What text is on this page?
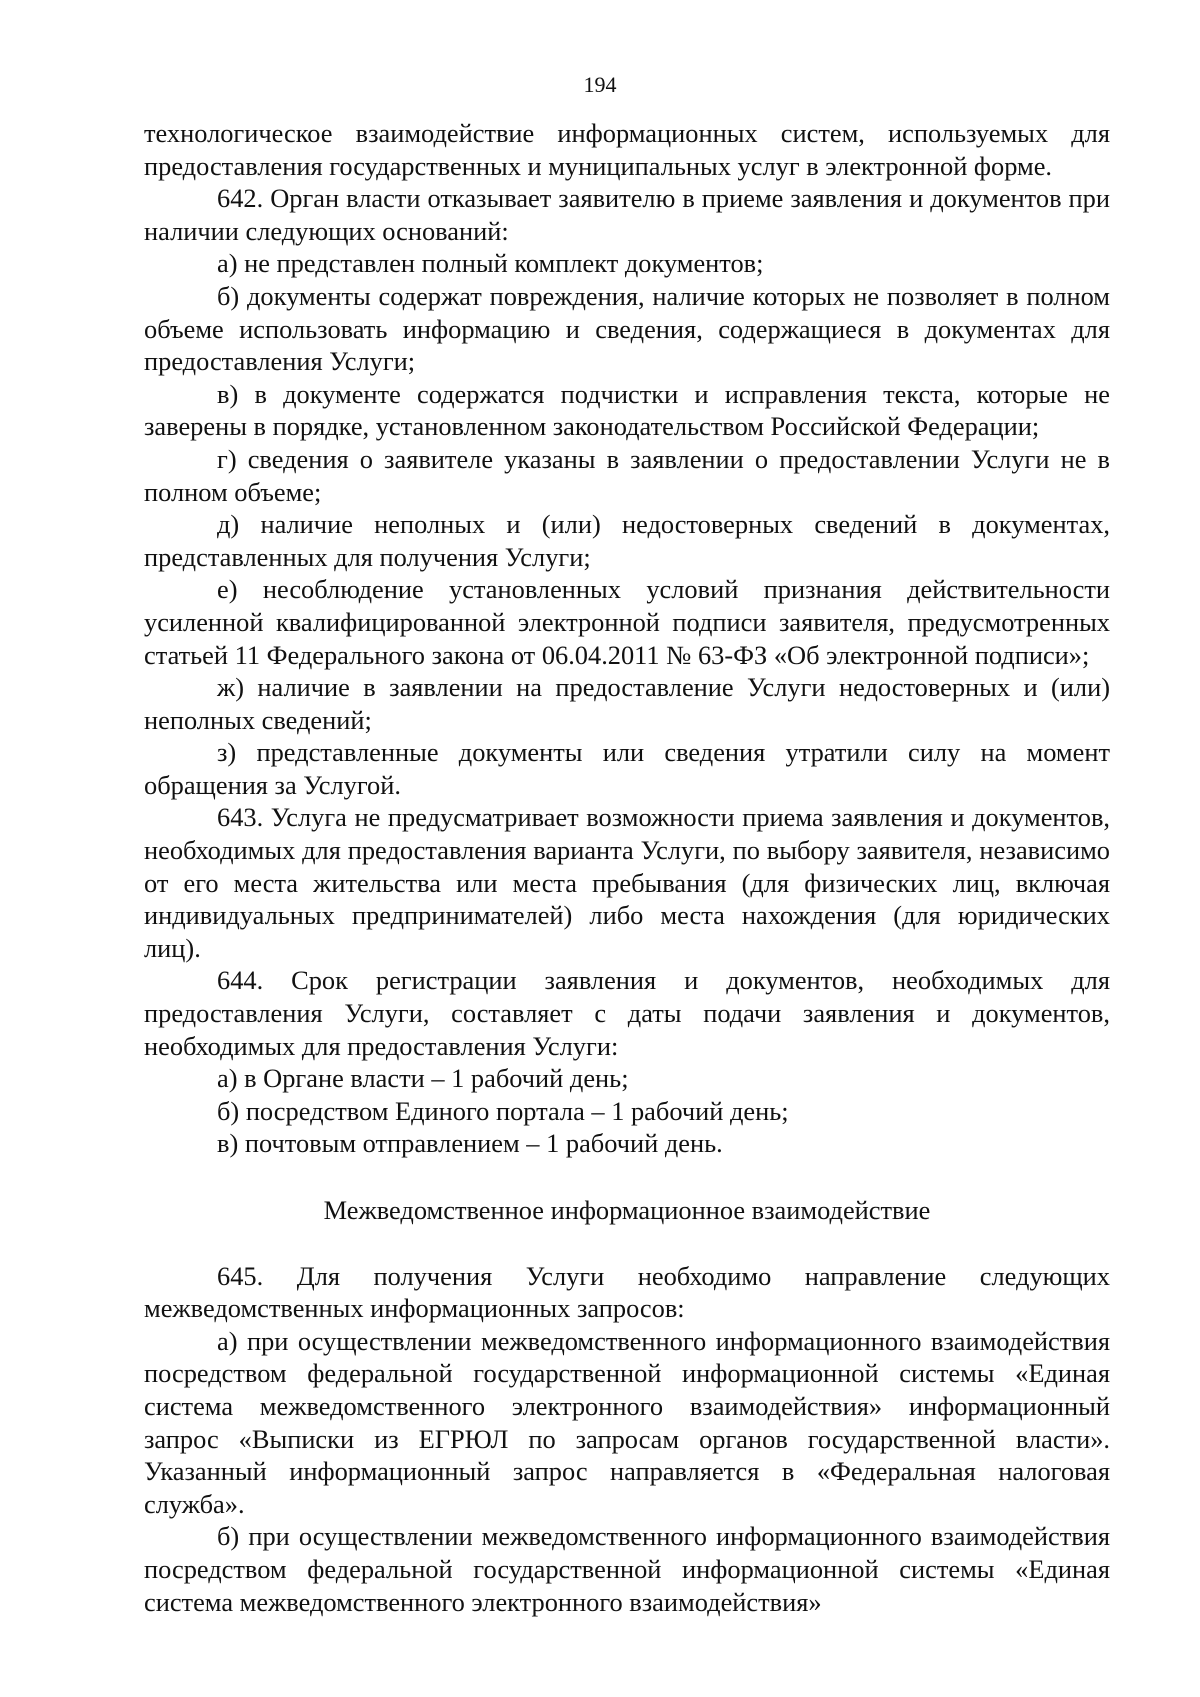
194

технологическое взаимодействие информационных систем, используемых для предоставления государственных и муниципальных услуг в электронной форме.

642. Орган власти отказывает заявителю в приеме заявления и документов при наличии следующих оснований:

а) не представлен полный комплект документов;

б) документы содержат повреждения, наличие которых не позволяет в полном объеме использовать информацию и сведения, содержащиеся в документах для предоставления Услуги;

в) в документе содержатся подчистки и исправления текста, которые не заверены в порядке, установленном законодательством Российской Федерации;

г) сведения о заявителе указаны в заявлении о предоставлении Услуги не в полном объеме;

д) наличие неполных и (или) недостоверных сведений в документах, представленных для получения Услуги;

е) несоблюдение установленных условий признания действительности усиленной квалифицированной электронной подписи заявителя, предусмотренных статьей 11 Федерального закона от 06.04.2011 № 63-ФЗ «Об электронной подписи»;

ж) наличие в заявлении на предоставление Услуги недостоверных и (или) неполных сведений;

з) представленные документы или сведения утратили силу на момент обращения за Услугой.

643. Услуга не предусматривает возможности приема заявления и документов, необходимых для предоставления варианта Услуги, по выбору заявителя, независимо от его места жительства или места пребывания (для физических лиц, включая индивидуальных предпринимателей) либо места нахождения (для юридических лиц).

644. Срок регистрации заявления и документов, необходимых для предоставления Услуги, составляет с даты подачи заявления и документов, необходимых для предоставления Услуги:

а) в Органе власти – 1 рабочий день;

б) посредством Единого портала – 1 рабочий день;

в) почтовым отправлением – 1 рабочий день.

Межведомственное информационное взаимодействие

645. Для получения Услуги необходимо направление следующих межведомственных информационных запросов:

а) при осуществлении межведомственного информационного взаимодействия посредством федеральной государственной информационной системы «Единая система межведомственного электронного взаимодействия» информационный запрос «Выписки из ЕГРЮЛ по запросам органов государственной власти». Указанный информационный запрос направляется в «Федеральная налоговая служба».

б) при осуществлении межведомственного информационного взаимодействия посредством федеральной государственной информационной системы «Единая система межведомственного электронного взаимодействия»
